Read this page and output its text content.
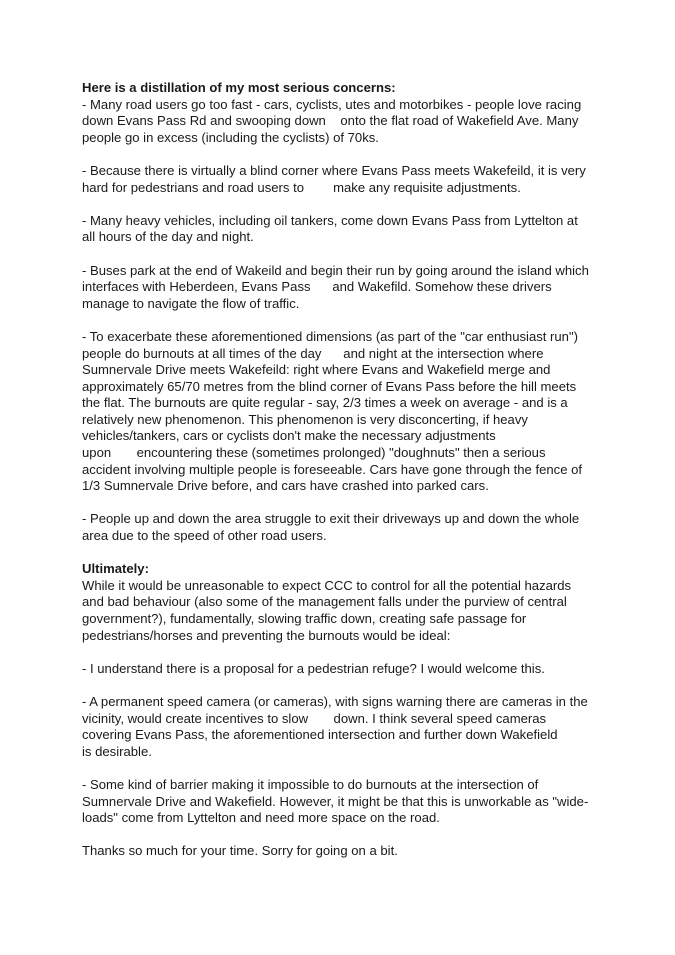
Here is a distillation of my most serious concerns:

- Many road users go too fast - cars, cyclists, utes and motorbikes - people love racing
down Evans Pass Rd and swooping down    onto the flat road of Wakefield Ave. Many
people go in excess (including the cyclists) of 70ks.
- Because there is virtually a blind corner where Evans Pass meets Wakefeild, it is very
hard for pedestrians and road users to        make any requisite adjustments.
- Many heavy vehicles, including oil tankers, come down Evans Pass from Lyttelton at
all hours of the day and night.
- Buses park at the end of Wakeild and begin their run by going around the island which
interfaces with Heberdeen, Evans Pass      and Wakefild. Somehow these drivers
manage to navigate the flow of traffic.
- To exacerbate these aforementioned dimensions (as part of the "car enthusiast run")
people do burnouts at all times of the day      and night at the intersection where
Sumnervale Drive meets Wakefeild: right where Evans and Wakefield merge and
approximately 65/70 metres from the blind corner of Evans Pass before the hill meets
the flat. The burnouts are quite regular - say, 2/3 times a week on average - and is a
relatively new phenomenon. This phenomenon is very disconcerting, if heavy
vehicles/tankers, cars or cyclists don't make the necessary adjustments
upon       encountering these (sometimes prolonged) "doughnuts" then a serious
accident involving multiple people is foreseeable. Cars have gone through the fence of
1/3 Sumnervale Drive before, and cars have crashed into parked cars.
- People up and down the area struggle to exit their driveways up and down the whole
area due to the speed of other road users.

Ultimately:

While it would be unreasonable to expect CCC to control for all the potential hazards
and bad behaviour (also some of the management falls under the purview of central
government?), fundamentally, slowing traffic down, creating safe passage for
pedestrians/horses and preventing the burnouts would be ideal:
- I understand there is a proposal for a pedestrian refuge? I would welcome this.
- A permanent speed camera (or cameras), with signs warning there are cameras in the
vicinity, would create incentives to slow       down. I think several speed cameras
covering Evans Pass, the aforementioned intersection and further down Wakefield
is desirable.
- Some kind of barrier making it impossible to do burnouts at the intersection of
Sumnervale Drive and Wakefield. However, it might be that this is unworkable as "wide-
loads" come from Lyttelton and need more space on the road.
Thanks so much for your time. Sorry for going on a bit.
